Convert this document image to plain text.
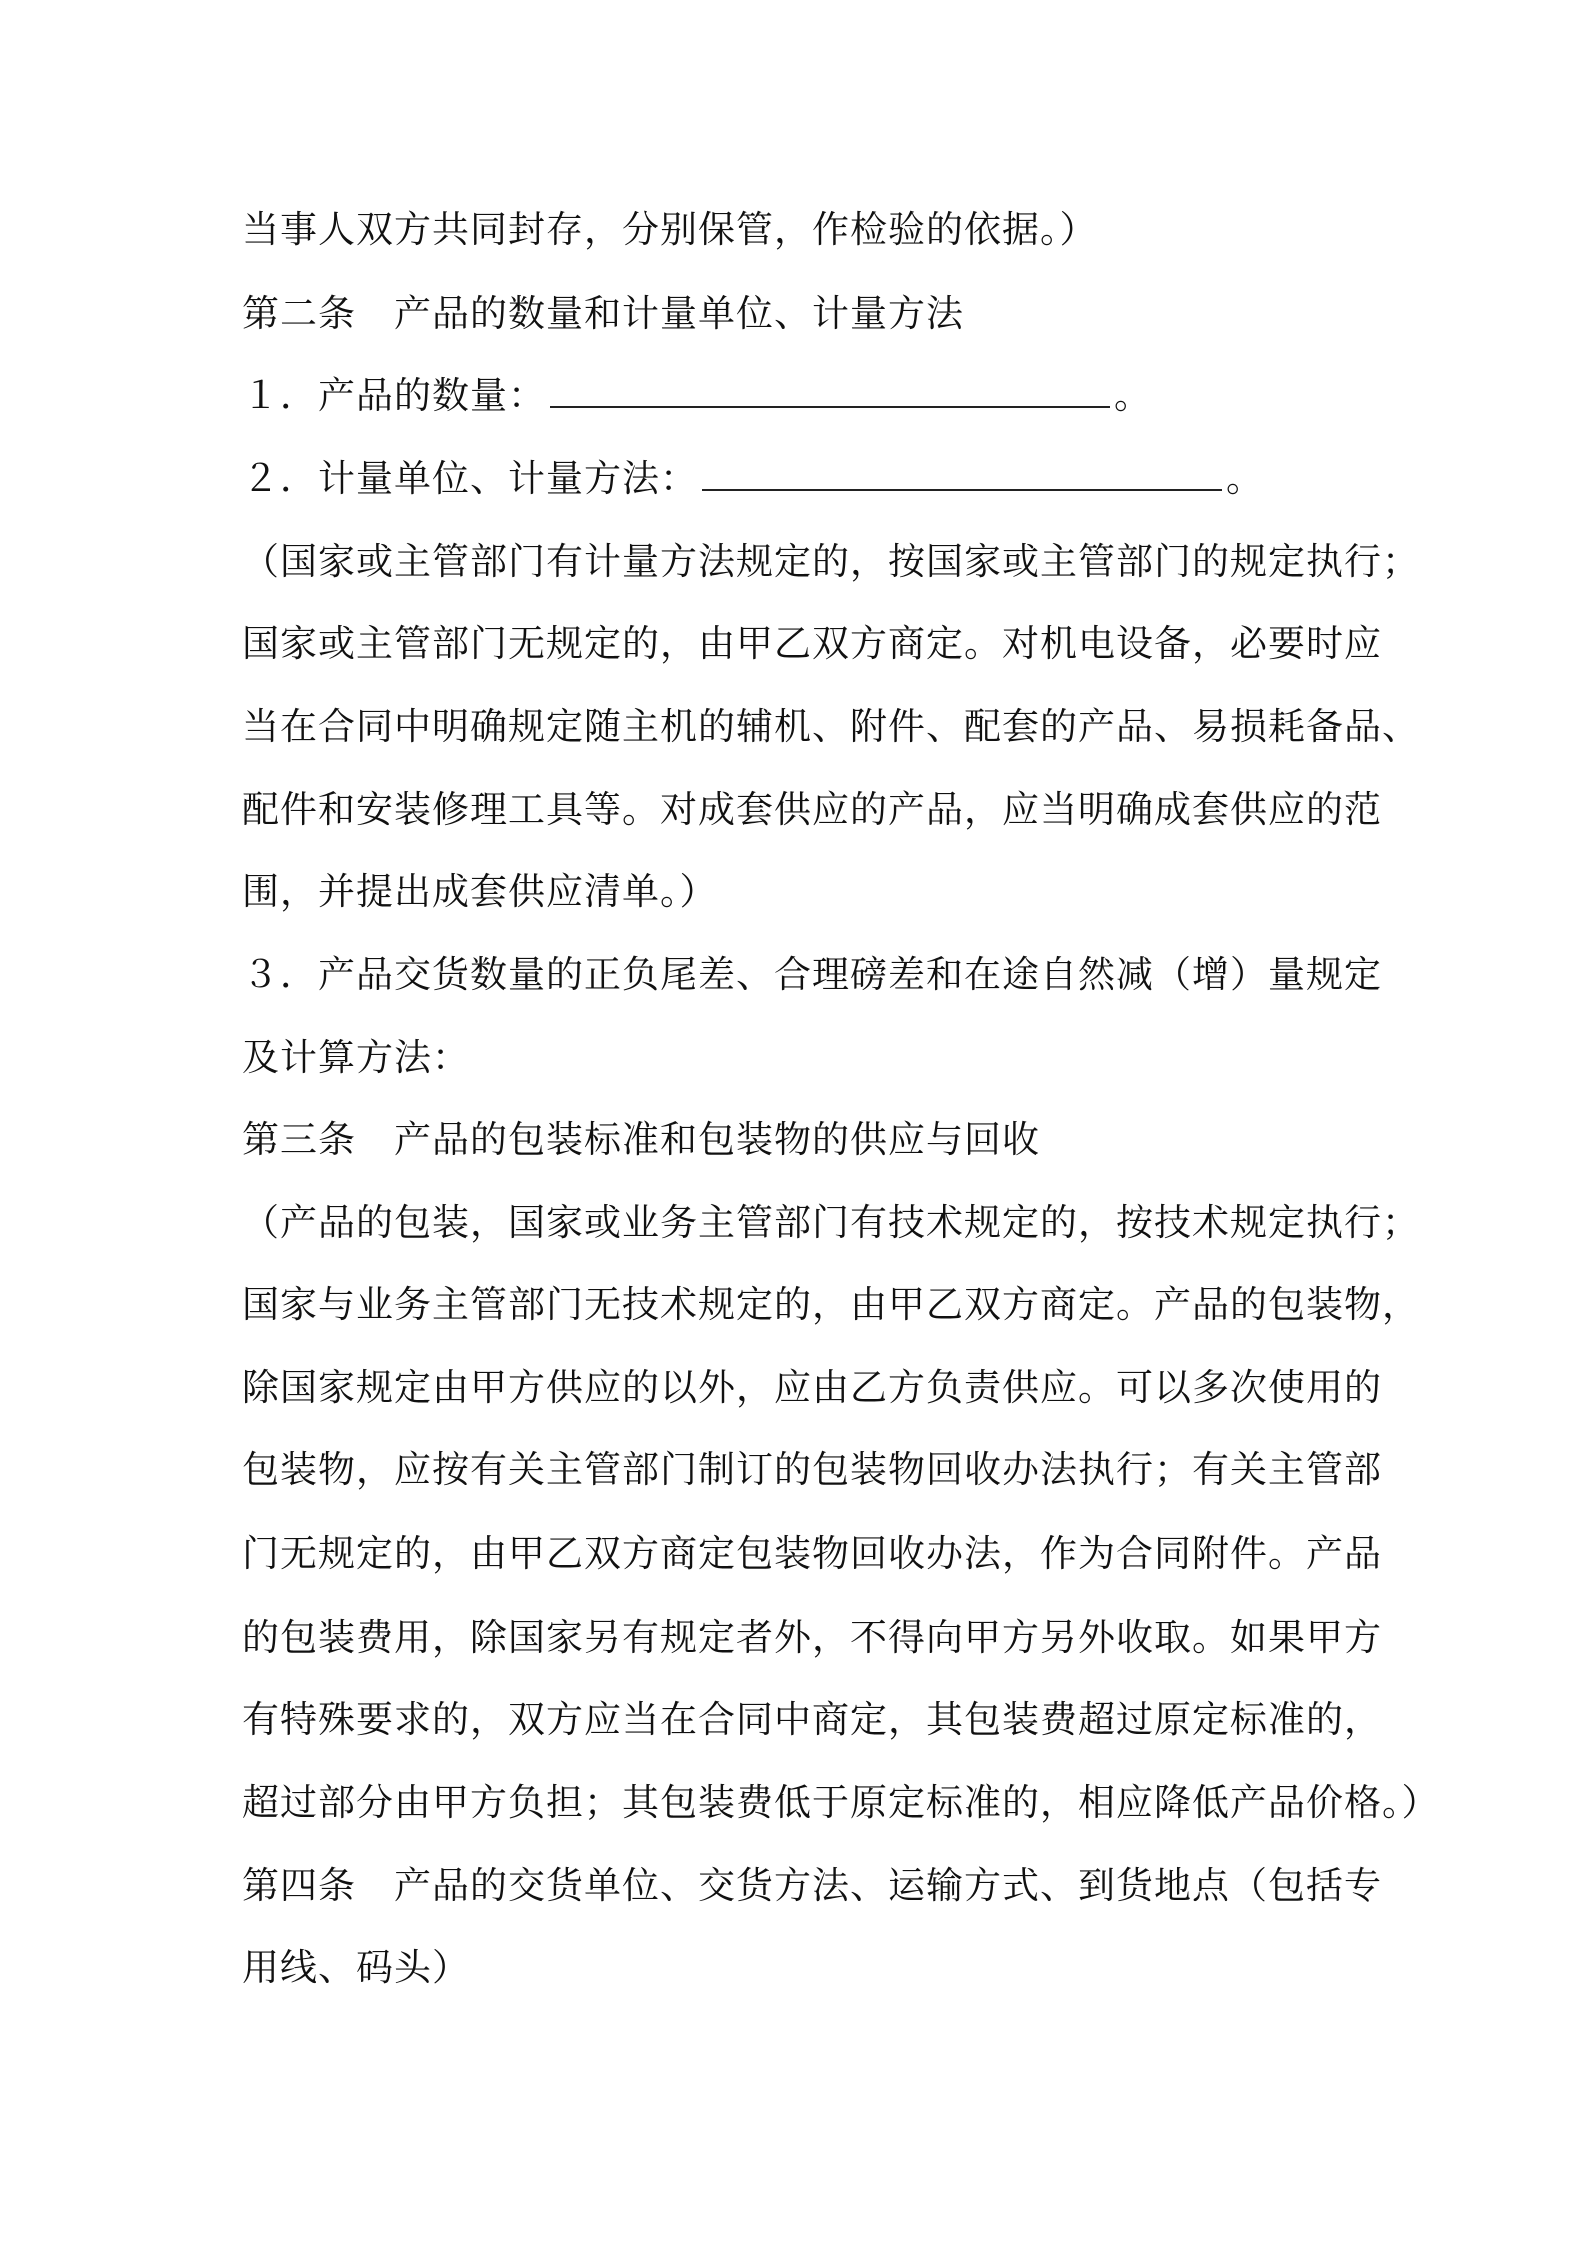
当事人双方共同封存，分别保管，作检验的依据。）
第二条　产品的数量和计量单位、计量方法
１．产品的数量：	。
２．计量单位、计量方法：	。
（国家或主管部门有计量方法规定的，按国家或主管部门的规定执行；
国家或主管部门无规定的，由甲乙双方商定。对机电设备，必要时应
当在合同中明确规定随主机的辅机、附件、配套的产品、易损耗备品、
配件和安装修理工具等。对成套供应的产品，应当明确成套供应的范
围，并提出成套供应清单。）
３．产品交货数量的正负尾差、合理磅差和在途自然减（增）量规定
及计算方法：
第三条　产品的包装标准和包装物的供应与回收
（产品的包装，国家或业务主管部门有技术规定的，按技术规定执行；
国家与业务主管部门无技术规定的，由甲乙双方商定。产品的包装物，
除国家规定由甲方供应的以外，应由乙方负责供应。可以多次使用的
包装物，应按有关主管部门制订的包装物回收办法执行；有关主管部
门无规定的，由甲乙双方商定包装物回收办法，作为合同附件。产品
的包装费用，除国家另有规定者外，不得向甲方另外收取。如果甲方
有特殊要求的，双方应当在合同中商定，其包装费超过原定标准的，
超过部分由甲方负担；其包装费低于原定标准的，相应降低产品价格。）
第四条　产品的交货单位、交货方法、运输方式、到货地点（包括专
用线、码头）
